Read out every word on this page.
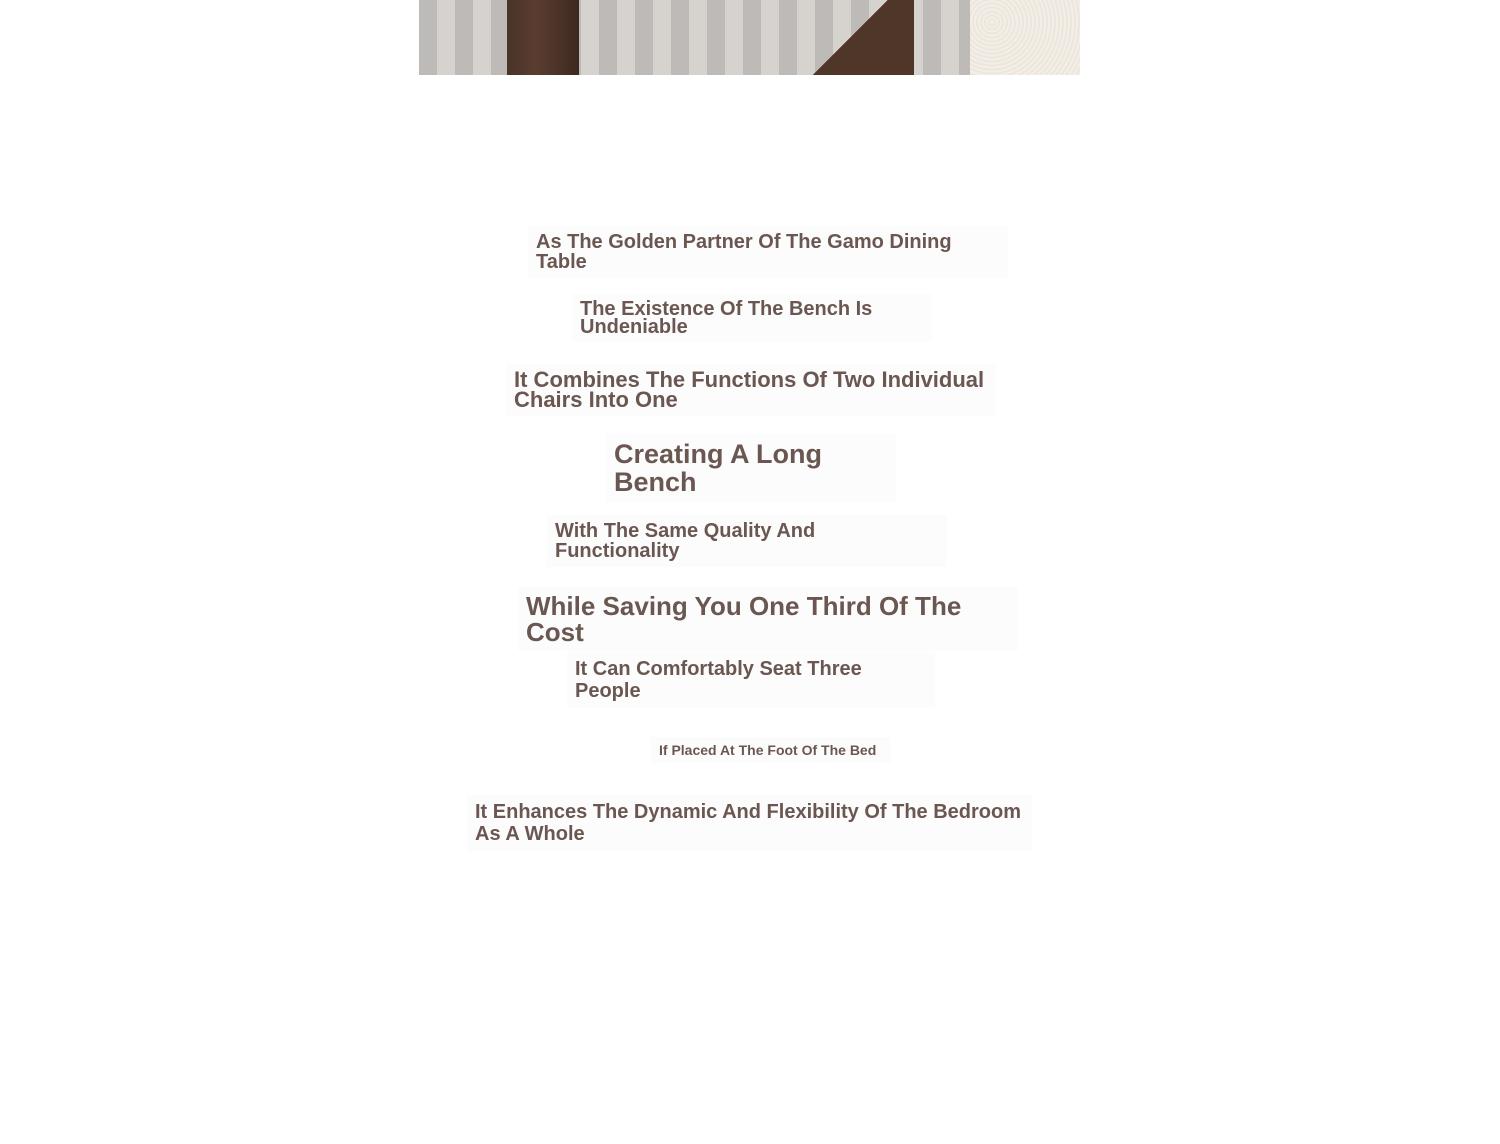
As The Golden Partner Of The Gamo Dining Table
The Existence Of The Bench Is Undeniable
It Combines The Functions Of Two Individual Chairs Into One
Creating A Long Bench
With The Same Quality And Functionality
While Saving You One Third Of The Cost
It Can Comfortably Seat Three People
If Placed At The Foot Of The Bed
It Enhances The Dynamic And Flexibility Of The Bedroom As A Whole
